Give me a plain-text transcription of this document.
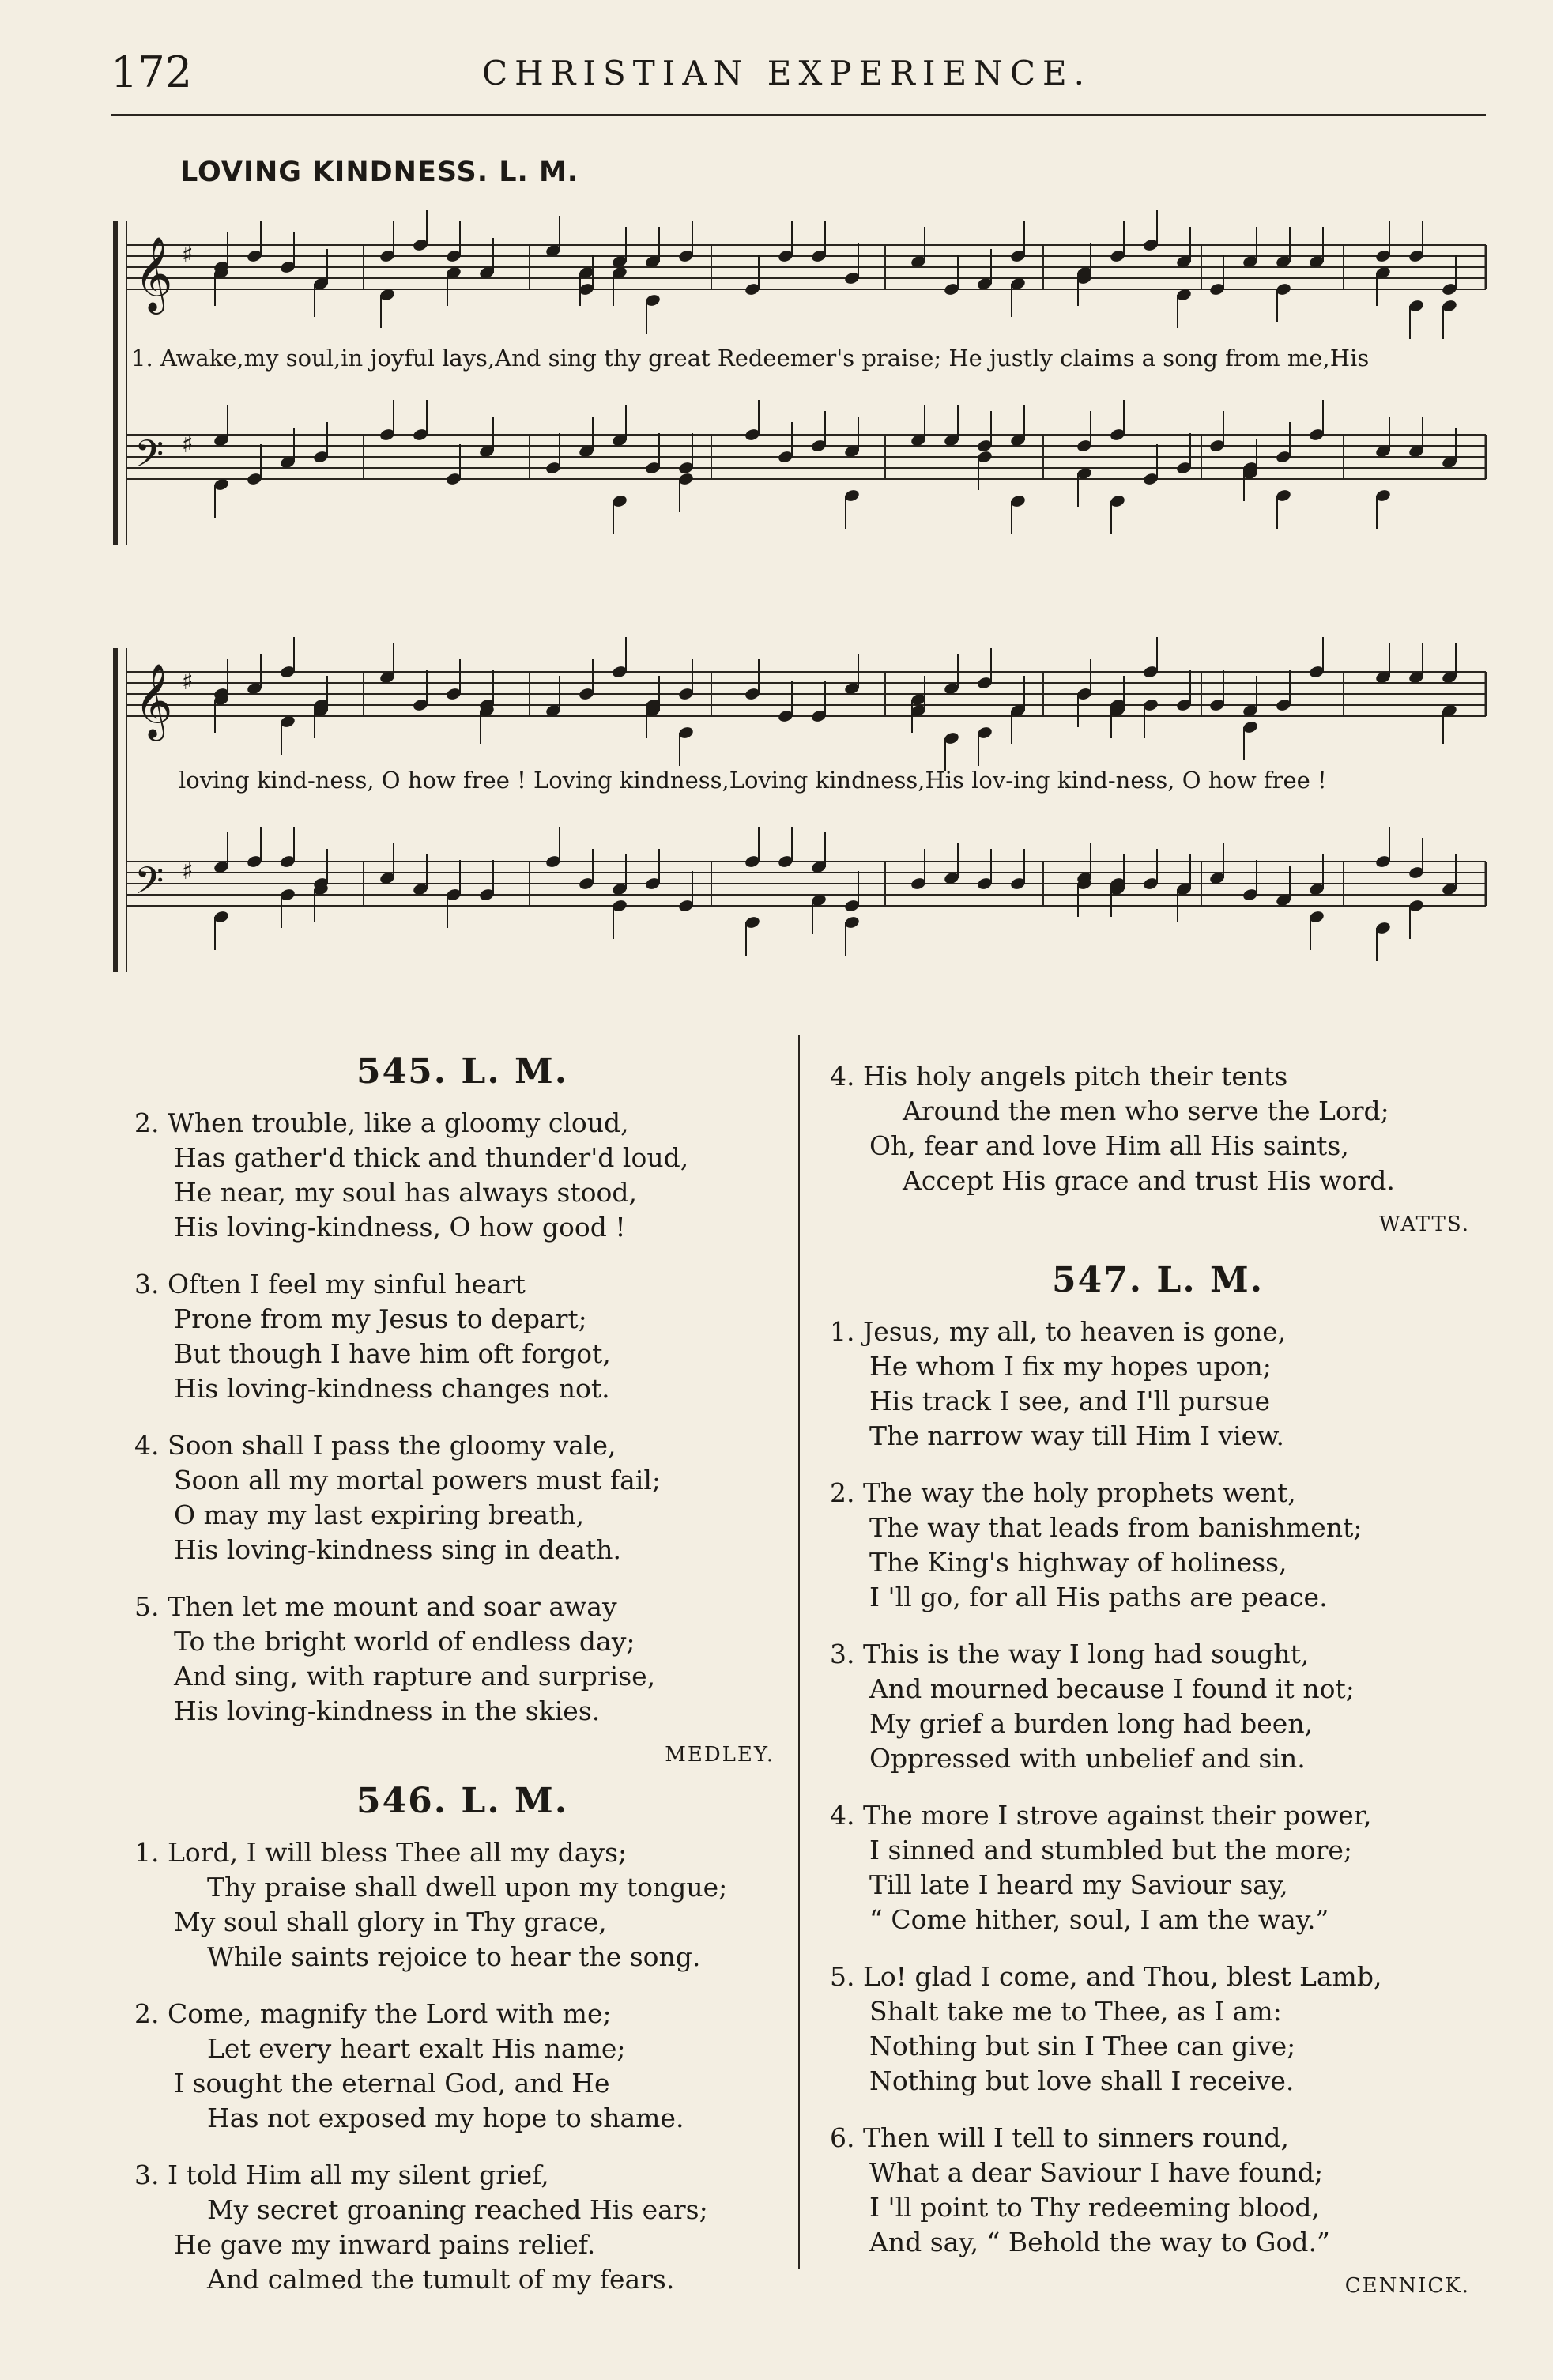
172	CHRISTIAN EXPERIENCE.
LOVING KINDNESS. L. M.
𝄞 ♯
𝄢 ♯
1. Awake,my soul,in joyful lays,And sing thy great Redeemer's praise; He justly claims a song from me,His
𝄞 ♯
𝄢 ♯
loving kind-ness, O how free ! Loving kindness,Loving kindness,His lov-ing kind-ness, O how free !
545. L. M.
2. When trouble, like a gloomy cloud,
Has gather'd thick and thunder'd loud,
He near, my soul has always stood,
His loving-kindness, O how good !
3. Often I feel my sinful heart
Prone from my Jesus to depart;
But though I have him oft forgot,
His loving-kindness changes not.
4. Soon shall I pass the gloomy vale,
Soon all my mortal powers must fail;
O may my last expiring breath,
His loving-kindness sing in death.
5. Then let me mount and soar away
To the bright world of endless day;
And sing, with rapture and surprise,
His loving-kindness in the skies.
MEDLEY.
546. L. M.
1. Lord, I will bless Thee all my days;
Thy praise shall dwell upon my tongue;
My soul shall glory in Thy grace,
While saints rejoice to hear the song.
2. Come, magnify the Lord with me;
Let every heart exalt His name;
I sought the eternal God, and He
Has not exposed my hope to shame.
3. I told Him all my silent grief,
My secret groaning reached His ears;
He gave my inward pains relief.
And calmed the tumult of my fears.
4. His holy angels pitch their tents
Around the men who serve the Lord;
Oh, fear and love Him all His saints,
Accept His grace and trust His word.
WATTS.
547. L. M.
1. Jesus, my all, to heaven is gone,
He whom I fix my hopes upon;
His track I see, and I'll pursue
The narrow way till Him I view.
2. The way the holy prophets went,
The way that leads from banishment;
The King's highway of holiness,
I 'll go, for all His paths are peace.
3. This is the way I long had sought,
And mourned because I found it not;
My grief a burden long had been,
Oppressed with unbelief and sin.
4. The more I strove against their power,
I sinned and stumbled but the more;
Till late I heard my Saviour say,
“ Come hither, soul, I am the way.”
5. Lo! glad I come, and Thou, blest Lamb,
Shalt take me to Thee, as I am:
Nothing but sin I Thee can give;
Nothing but love shall I receive.
6. Then will I tell to sinners round,
What a dear Saviour I have found;
I 'll point to Thy redeeming blood,
And say, “ Behold the way to God.”
CENNICK.
